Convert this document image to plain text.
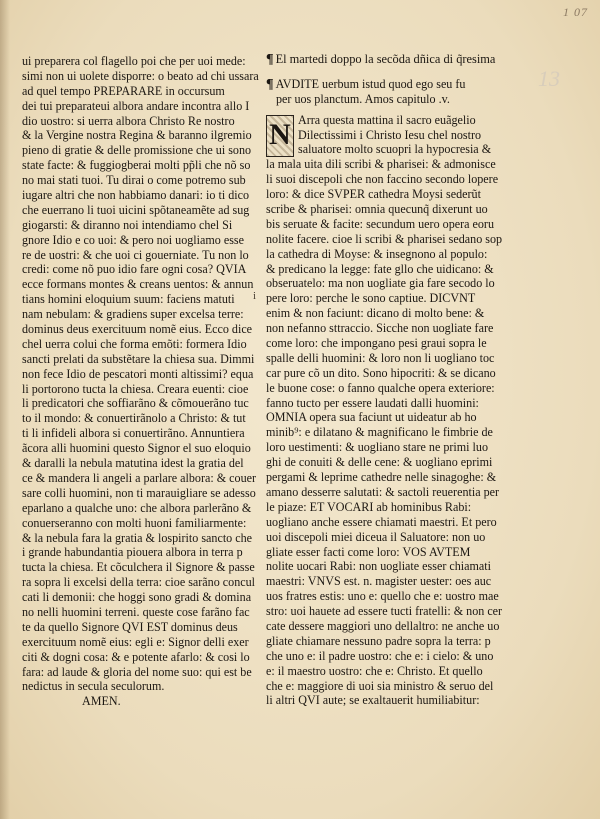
1 07
13
i
ui preparera col flagello poi che per uoi mede:
simi non ui uolete disporre: o beato ad chi ussara
ad quel tempo PREPARARE in occursum
dei tui preparateui albora andare incontra allo I
dio uostro: si uerra albora Christo Re nostro
& la Vergine nostra Regina & baranno ilgremio
pieno di gratie & delle promissione che ui sono
state facte: & fuggiogberai molti pp̃li che nõ so
no mai stati tuoi. Tu dirai o come potremo sub
iugare altri che non habbiamo danari: io ti dico
che euerrano li tuoi uicini spõtaneamẽte ad sug
giogarsti: & diranno noi intendiamo chel Si
gnore Idio e co uoi: & pero noi uogliamo esse
re de uostri: & che uoi ci gouerniate. Tu non lo
credi: come nõ puo idio fare ogni cosa? QVIA
ecce formans montes & creans uentos: & annun
tians homini eloquium suum: faciens matuti
nam nebulam: & gradiens super excelsa terre:
dominus deus exercituum nomẽ eius. Ecco dice
chel uerra colui che forma emõti: formera Idio
sancti prelati da substẽtare la chiesa sua. Dimmi
non fece Idio de pescatori monti altissimi? equa
li portorono tucta la chiesa. Creara euenti: cioe
li predicatori che soffiarãno & cõmouerãno tuc
to il mondo: & conuertirãnolo a Christo: & tut
ti li infideli albora si conuertirãno. Annuntiera
ãcora alli huomini questo Signor el suo eloquio
& daralli la nebula matutina idest la gratia del
ce & mandera li angeli a parlare albora: & couer
sare colli huomini, non ti marauigliare se adesso
eparlano a qualche uno: che albora parlerãno &
conuerseranno con molti huoni familiarmente:
& la nebula fara la gratia & lospirito sancto che
i grande habundantia piouera albora in terra p
tucta la chiesa. Et cõculchera il Signore & passe
ra sopra li excelsi della terra: cioe sarãno concul
cati li demonii: che hoggi sono gradi & domina
no nelli huomini terreni. queste cose farãno fac
te da quello Signore QVI EST dominus deus
exercituum nomẽ eius: egli e: Signor delli exer
citi & dogni cosa: & e potente afarlo: & cosi lo
fara: ad laude & gloria del nome suo: qui est be
nedictus in secula seculorum.
AMEN.
¶ El martedi doppo la secõda dñica di q̃resima
¶ AVDITE uerbum istud quod ego seu fu
per uos planctum. Amos capitulo .v.
N Arra questa mattina il sacro euãgelio
Dilectissimi i Christo Iesu chel nostro
saluatore molto scuopri la hypocresia &
la mala uita dili scribi & pharisei: & admonisce
li suoi discepoli che non faccino secondo lopere
loro: & dice SVPER cathedra Moysi sederũt
scribe & pharisei: omnia quecunq̃ dixerunt uo
bis seruate & facite: secundum uero opera eoru
nolite facere. cioe li scribi & pharisei sedano sop
la cathedra di Moyse: & insegnono al populo:
& predicano la legge: fate gllo che uidicano: &
obseruatelo: ma non uogliate gia fare secodo lo
pere loro: perche le sono captiue. DICVNT
enim & non faciunt: dicano di molto bene: &
non nefanno sttraccio. Sicche non uogliate fare
come loro: che impongano pesi graui sopra le
spalle delli huomini: & loro non li uogliano toc
car pure cõ un dito. Sono hipocriti: & se dicano
le buone cose: o fanno qualche opera exteriore:
fanno tucto per essere laudati dalli huomini:
OMNIA opera sua faciunt ut uideatur ab ho
minib⁹: e dilatano & magnificano le fimbrie de
loro uestimenti: & uogliano stare ne primi luo
ghi de conuiti & delle cene: & uogliano eprimi
pergami & leprime cathedre nelle sinagoghe: &
amano desserre salutati: & sactoli reuerentia per
le piaze: ET VOCARI ab hominibus Rabi:
uogliano anche essere chiamati maestri. Et pero
uoi discepoli miei diceua il Saluatore: non uo
gliate esser facti come loro: VOS AVTEM
nolite uocari Rabi: non uogliate esser chiamati
maestri: VNVS est. n. magister uester: oes auc
uos fratres estis: uno e: quello che e: uostro mae
stro: uoi hauete ad essere tucti fratelli: & non cer
cate dessere maggiori uno dellaltro: ne anche uo
gliate chiamare nessuno padre sopra la terra: p
che uno e: il padre uostro: che e: i cielo: & uno
e: il maestro uostro: che e: Christo. Et quello
che e: maggiore di uoi sia ministro & seruo del
li altri QVI aute; se exaltauerit humiliabitur:
